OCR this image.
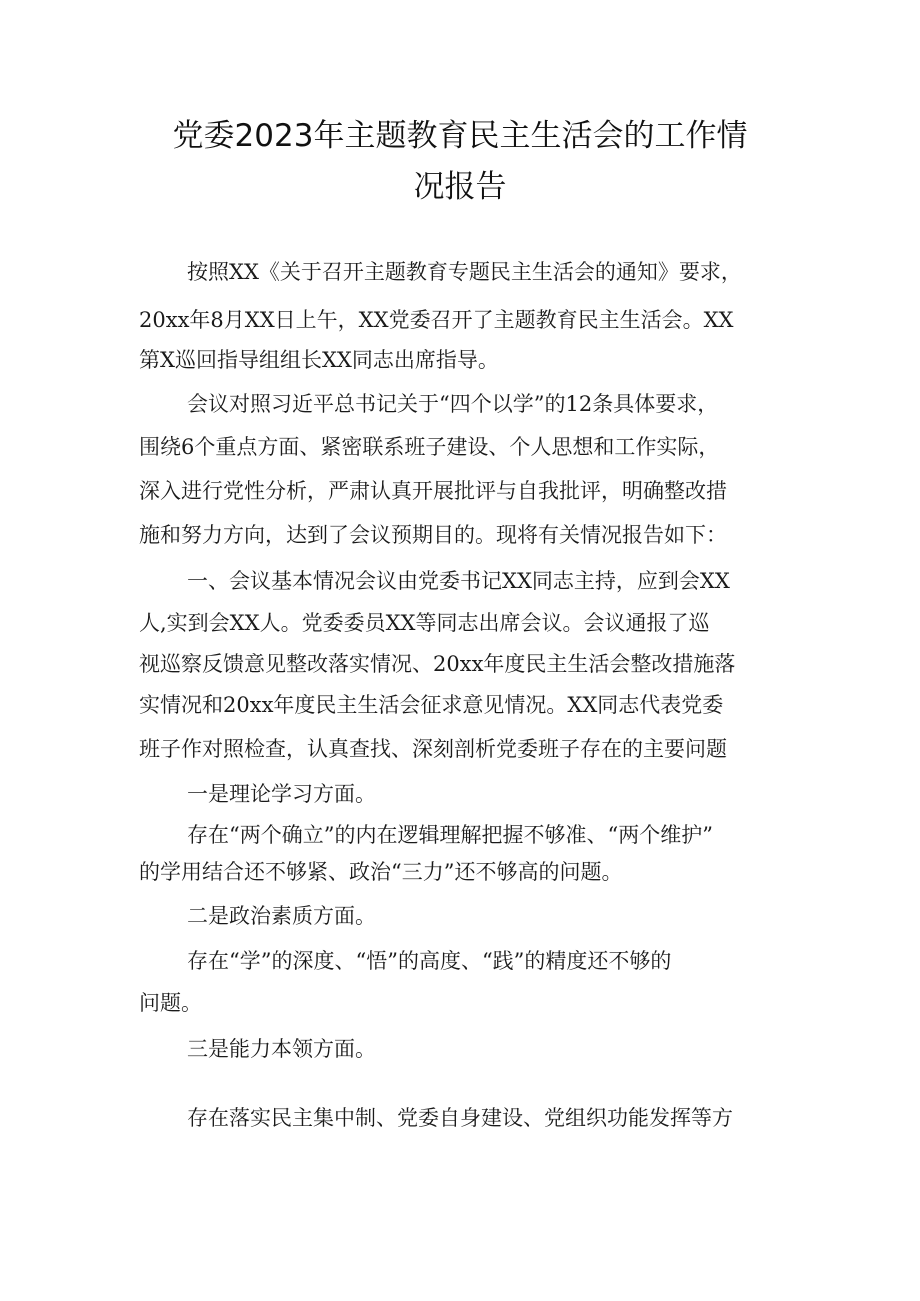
党委2023年主题教育民主生活会的工作情
况报告
按照XX《关于召开主题教育专题民主生活会的通知》要求，
20xx年8月XX日上午，XX党委召开了主题教育民主生活会。XX
第X巡回指导组组长XX同志出席指导。
会议对照习近平总书记关于“四个以学”的12条具体要求，
围绕6个重点方面、紧密联系班子建设、个人思想和工作实际，
深入进行党性分析，严肃认真开展批评与自我批评，明确整改措
施和努力方向，达到了会议预期目的。现将有关情况报告如下：
一、会议基本情况会议由党委书记XX同志主持，应到会XX
人,实到会XX人。党委委员XX等同志出席会议。会议通报了巡
视巡察反馈意见整改落实情况、20xx年度民主生活会整改措施落
实情况和20xx年度民主生活会征求意见情况。XX同志代表党委
班子作对照检查，认真查找、深刻剖析党委班子存在的主要问题
一是理论学习方面。
存在“两个确立”的内在逻辑理解把握不够准、“两个维护”
的学用结合还不够紧、政治“三力”还不够高的问题。
二是政治素质方面。
存在“学”的深度、“悟”的高度、“践”的精度还不够的
问题。
三是能力本领方面。
存在落实民主集中制、党委自身建设、党组织功能发挥等方
